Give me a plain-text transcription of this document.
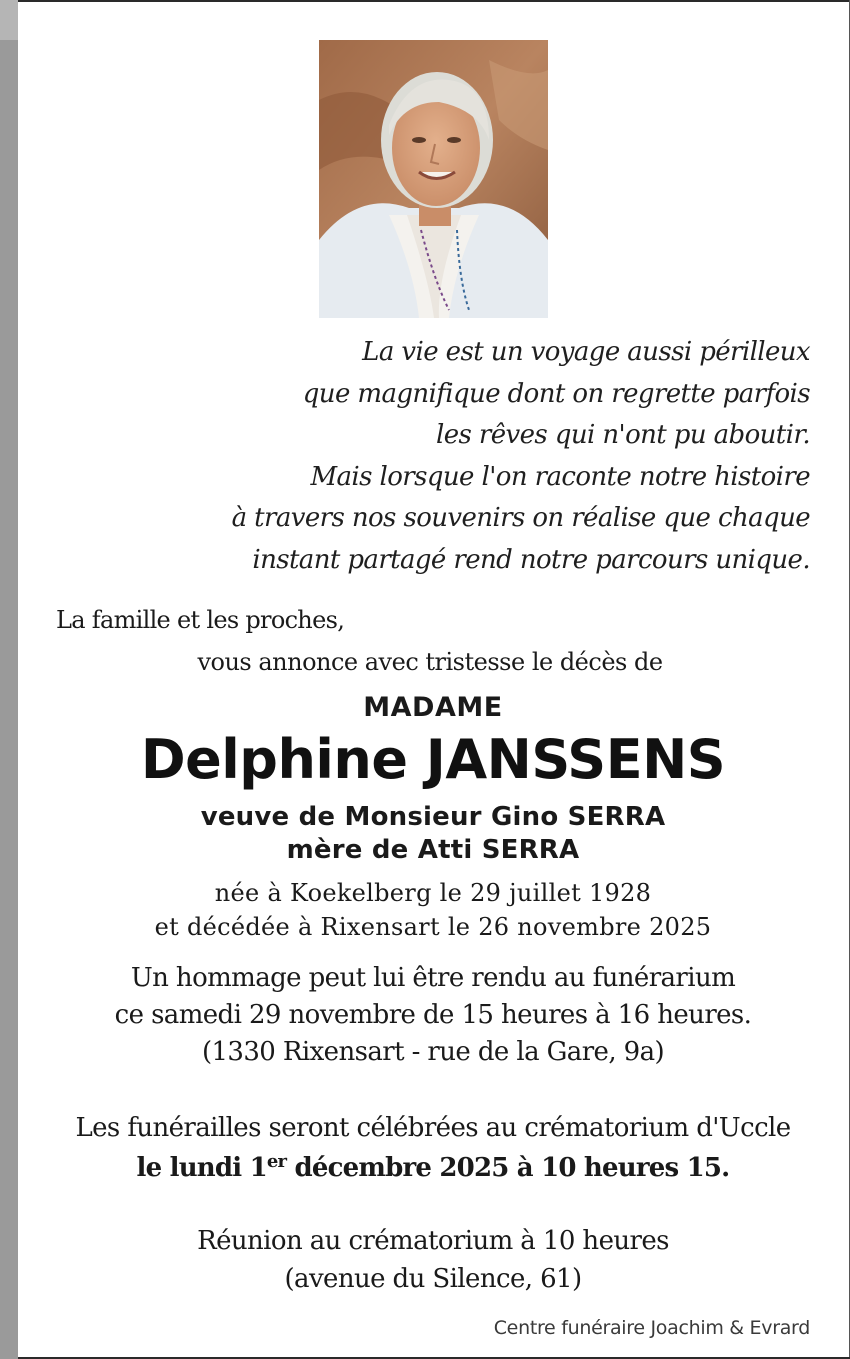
La vie est un voyage aussi périlleux
que magnifique dont on regrette parfois
les rêves qui n'ont pu aboutir.
Mais lorsque l'on raconte notre histoire
à travers nos souvenirs on réalise que chaque
instant partagé rend notre parcours unique.
La famille et les proches,
vous annonce avec tristesse le décès de
MADAME
Delphine JANSSENS
veuve de Monsieur Gino SERRA
mère de Atti SERRA
née à Koekelberg le 29 juillet 1928
et décédée à Rixensart le 26 novembre 2025
Un hommage peut lui être rendu au funérarium
ce samedi 29 novembre de 15 heures à 16 heures.
(1330 Rixensart - rue de la Gare, 9a)
Les funérailles seront célébrées au crématorium d'Uccle
le lundi 1er décembre 2025 à 10 heures 15.
Réunion au crématorium à 10 heures
(avenue du Silence, 61)
Centre funéraire Joachim & Evrard
